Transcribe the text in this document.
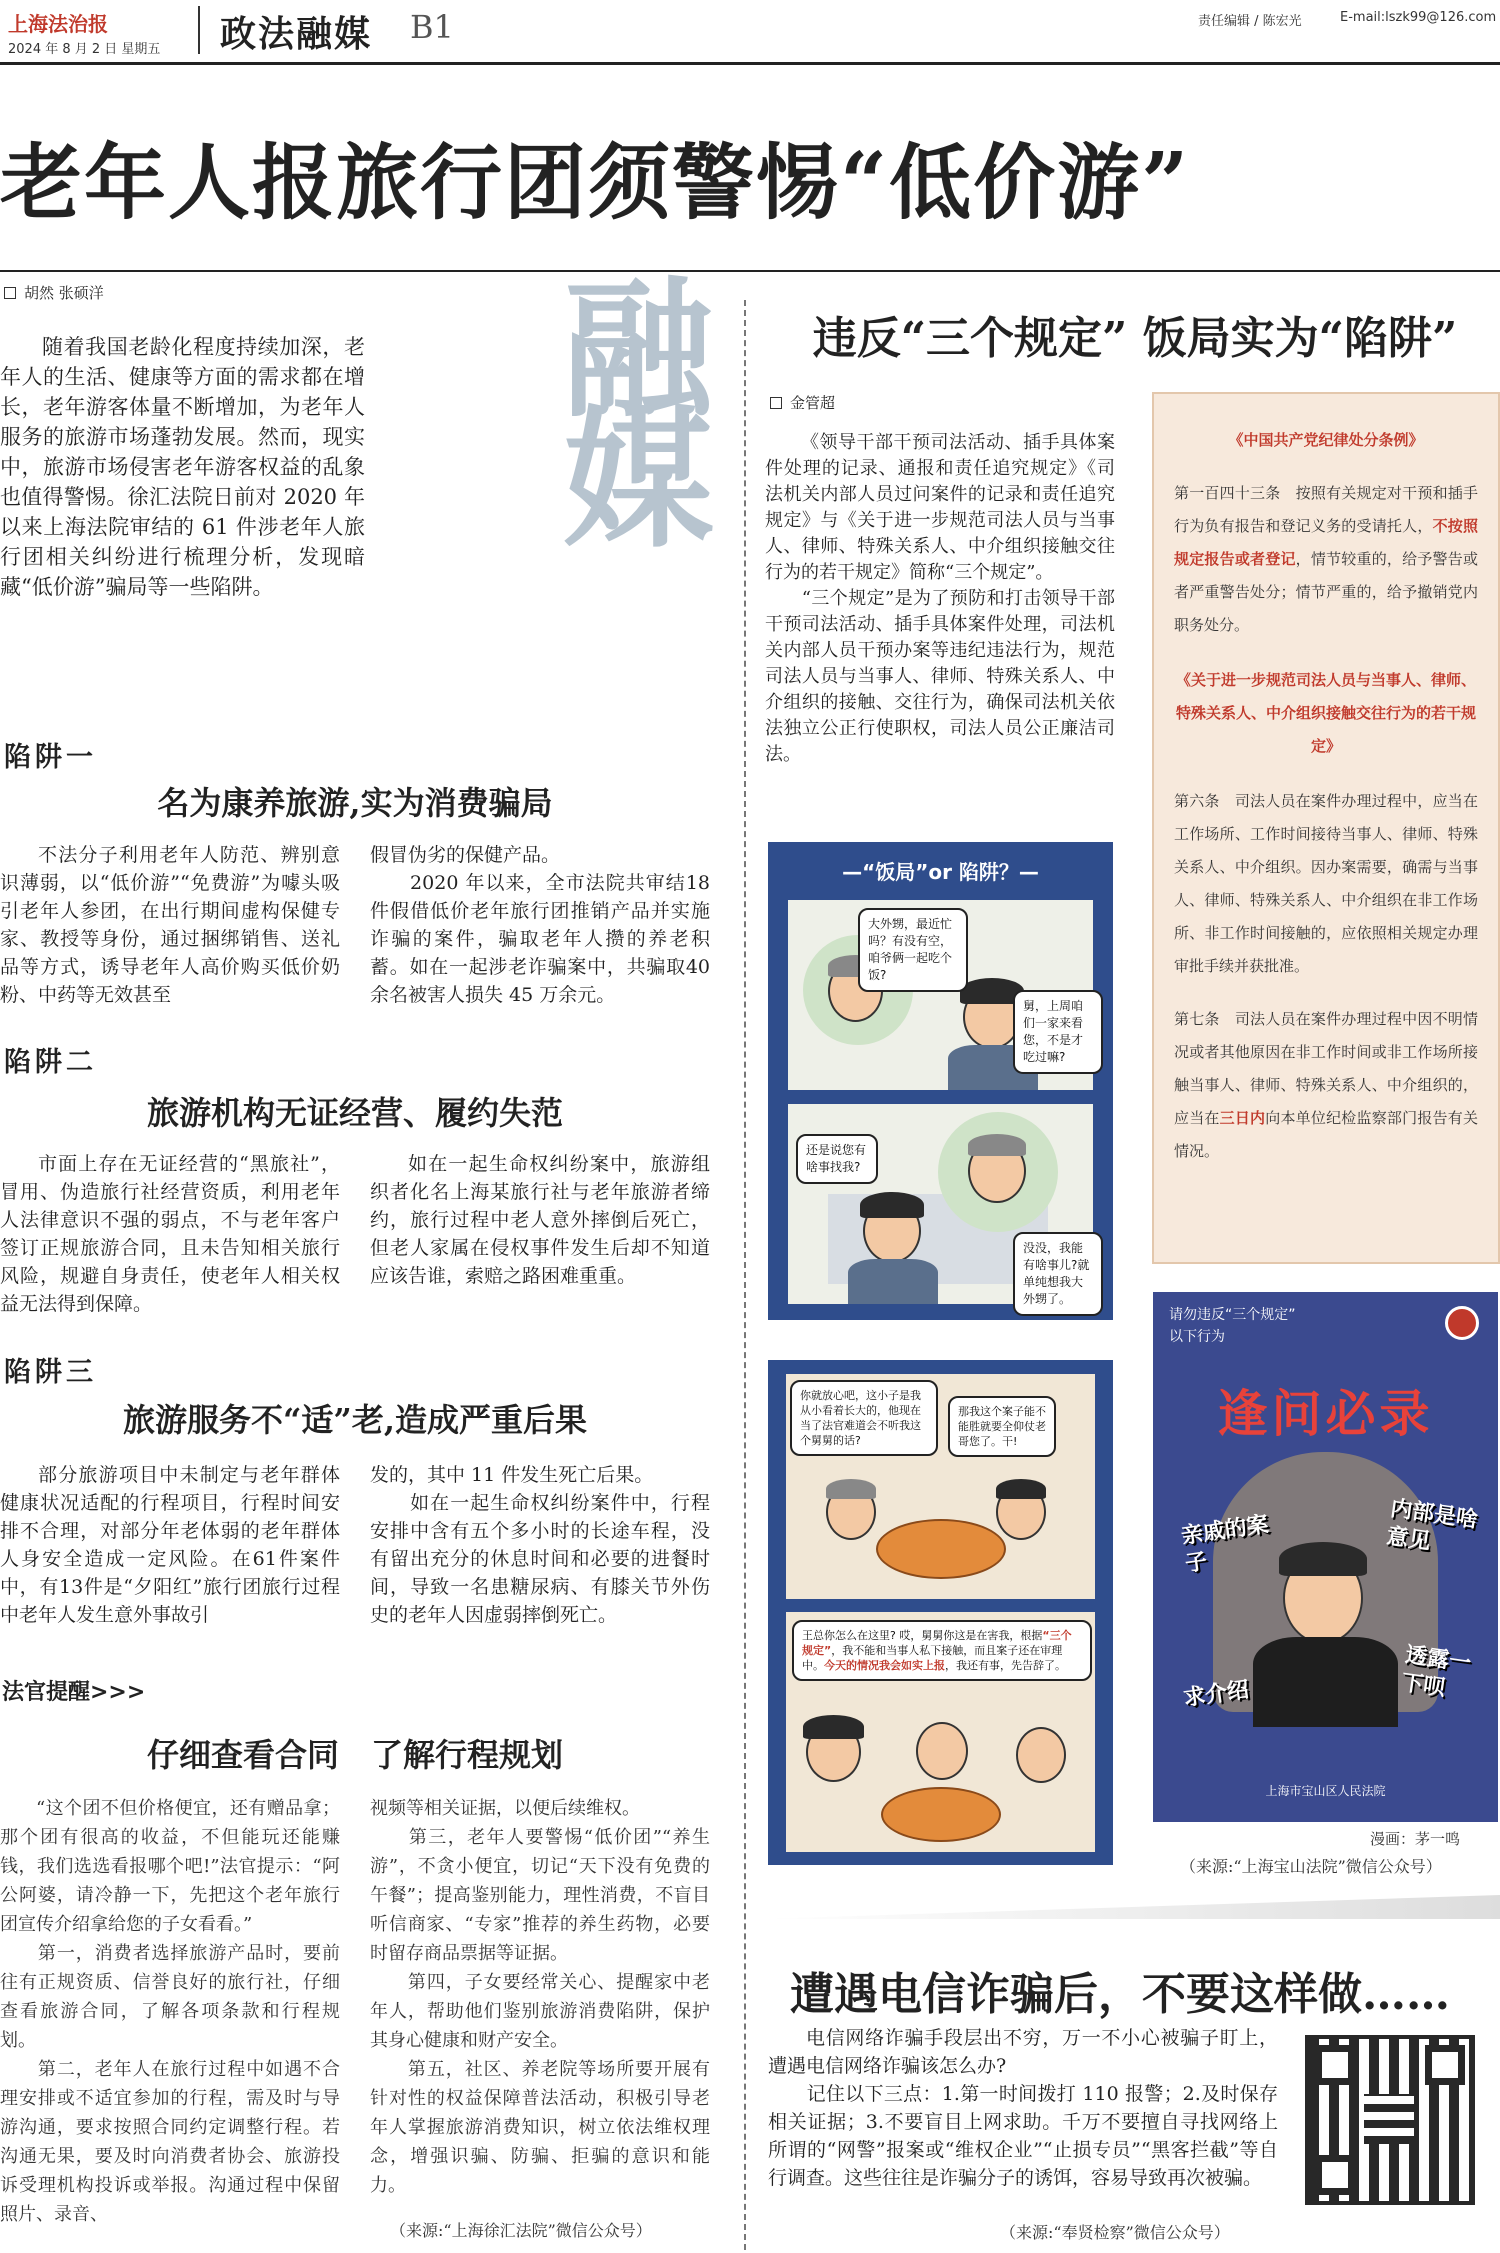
上海法治报
2024 年 8 月 2 日 星期五 政法融媒 B1	责任编辑 / 陈宏光	E-mail:lszk99@126.com
老年人报旅行团须警惕“低价游”
融媒
胡然 张硕洋
随着我国老龄化程度持续加深，老年人的生活、健康等方面的需求都在增长，老年游客体量不断增加，为老年人服务的旅游市场蓬勃发展。然而，现实中，旅游市场侵害老年游客权益的乱象也值得警惕。徐汇法院日前对 2020 年以来上海法院审结的 61 件涉老年人旅行团相关纠纷进行梳理分析，发现暗藏“低价游”骗局等一些陷阱。
陷阱一
名为康养旅游,实为消费骗局
不法分子利用老年人防范、辨别意识薄弱，以“低价游”“免费游”为噱头吸引老年人参团，在出行期间虚构保健专家、教授等身份，通过捆绑销售、送礼品等方式，诱导老年人高价购买低价奶粉、中药等无效甚至
假冒伪劣的保健产品。
　　2020 年以来，全市法院共审结18件假借低价老年旅行团推销产品并实施诈骗的案件，骗取老年人攒的养老积蓄。如在一起涉老诈骗案中，共骗取40余名被害人损失 45 万余元。
陷阱二
旅游机构无证经营、履约失范
市面上存在无证经营的“黑旅社”，冒用、伪造旅行社经营资质，利用老年人法律意识不强的弱点，不与老年客户签订正规旅游合同，且未告知相关旅行风险，规避自身责任，使老年人相关权益无法得到保障。
如在一起生命权纠纷案中，旅游组织者化名上海某旅行社与老年旅游者缔约，旅行过程中老人意外摔倒后死亡，但老人家属在侵权事件发生后却不知道应该告谁，索赔之路困难重重。
陷阱三
旅游服务不“适”老,造成严重后果
部分旅游项目中未制定与老年群体健康状况适配的行程项目，行程时间安排不合理，对部分年老体弱的老年群体人身安全造成一定风险。在61件案件中，有13件是“夕阳红”旅行团旅行过程中老年人发生意外事故引
发的，其中 11 件发生死亡后果。
　　如在一起生命权纠纷案件中，行程安排中含有五个多小时的长途车程，没有留出充分的休息时间和必要的进餐时间，导致一名患糖尿病、有膝关节外伤史的老年人因虚弱摔倒死亡。
法官提醒>>>
仔细查看合同　了解行程规划
“这个团不但价格便宜，还有赠品拿；那个团有很高的收益，不但能玩还能赚钱，我们选选看报哪个吧!”法官提示：“阿公阿婆，请冷静一下，先把这个老年旅行团宣传介绍拿给您的子女看看。”
　　第一，消费者选择旅游产品时，要前往有正规资质、信誉良好的旅行社，仔细查看旅游合同，了解各项条款和行程规划。
　　第二，老年人在旅行过程中如遇不合理安排或不适宜参加的行程，需及时与导游沟通，要求按照合同约定调整行程。若沟通无果，要及时向消费者协会、旅游投诉受理机构投诉或举报。沟通过程中保留照片、录音、
视频等相关证据，以便后续维权。
　　第三，老年人要警惕“低价团”“养生游”，不贪小便宜，切记“天下没有免费的午餐”；提高鉴别能力，理性消费，不盲目听信商家、“专家”推荐的养生药物，必要时留存商品票据等证据。
　　第四，子女要经常关心、提醒家中老年人，帮助他们鉴别旅游消费陷阱，保护其身心健康和财产安全。
　　第五，社区、养老院等场所要开展有针对性的权益保障普法活动，积极引导老年人掌握旅游消费知识，树立依法维权理念，增强识骗、防骗、拒骗的意识和能力。
（来源:“上海徐汇法院”微信公众号）
违反“三个规定” 饭局实为“陷阱”
金管超
《领导干部干预司法活动、插手具体案件处理的记录、通报和责任追究规定》《司法机关内部人员过问案件的记录和责任追究规定》与《关于进一步规范司法人员与当事人、律师、特殊关系人、中介组织接触交往行为的若干规定》简称“三个规定”。
　　“三个规定”是为了预防和打击领导干部干预司法活动、插手具体案件处理，司法机关内部人员干预办案等违纪违法行为，规范司法人员与当事人、律师、特殊关系人、中介组织的接触、交往行为，确保司法机关依法独立公正行使职权，司法人员公正廉洁司法。
《中国共产党纪律处分条例》
第一百四十三条　按照有关规定对干预和插手行为负有报告和登记义务的受请托人，不按照规定报告或者登记，情节较重的，给予警告或者严重警告处分；情节严重的，给予撤销党内职务处分。
《关于进一步规范司法人员与当事人、律师、特殊关系人、中介组织接触交往行为的若干规定》
第六条　司法人员在案件办理过程中，应当在工作场所、工作时间接待当事人、律师、特殊关系人、中介组织。因办案需要，确需与当事人、律师、特殊关系人、中介组织在非工作场所、非工作时间接触的，应依照相关规定办理审批手续并获批准。
第七条　司法人员在案件办理过程中因不明情况或者其他原因在非工作时间或非工作场所接触当事人、律师、特殊关系人、中介组织的，应当在三日内向本单位纪检监察部门报告有关情况。
—“饭局”or 陷阱？—
大外甥，最近忙吗？有没有空，咱爷俩一起吃个饭?
舅，上周咱们一家来看您，不是才吃过嘛?
还是说您有啥事找我?
没没，我能有啥事儿?就单纯想我大外甥了。
你就放心吧，这小子是我从小看着长大的，他现在当了法官难道会不听我这个舅舅的话?
那我这个案子能不能胜就要全仰仗老哥您了。干!
王总你怎么在这里? 哎，舅舅你这是在害我，根据“三个规定”，我不能和当事人私下接触，而且案子还在审理中。今天的情况我会如实上报，我还有事，先告辞了。
请勿违反“三个规定”
以下行为
逢问必录
亲戚的案子
内部是啥意见
求介绍
透露一下呗
上海市宝山区人民法院
漫画：茅一鸣
（来源:“上海宝山法院”微信公众号）
遭遇电信诈骗后，不要这样做……
电信网络诈骗手段层出不穷，万一不小心被骗子盯上，遭遇电信网络诈骗该怎么办?
　　记住以下三点：1.第一时间拨打 110 报警；2.及时保存相关证据；3.不要盲目上网求助。千万不要擅自寻找网络上所谓的“网警”报案或“维权企业”“止损专员”“黑客拦截”等自行调查。这些往往是诈骗分子的诱饵，容易导致再次被骗。
（来源:“奉贤检察”微信公众号）
